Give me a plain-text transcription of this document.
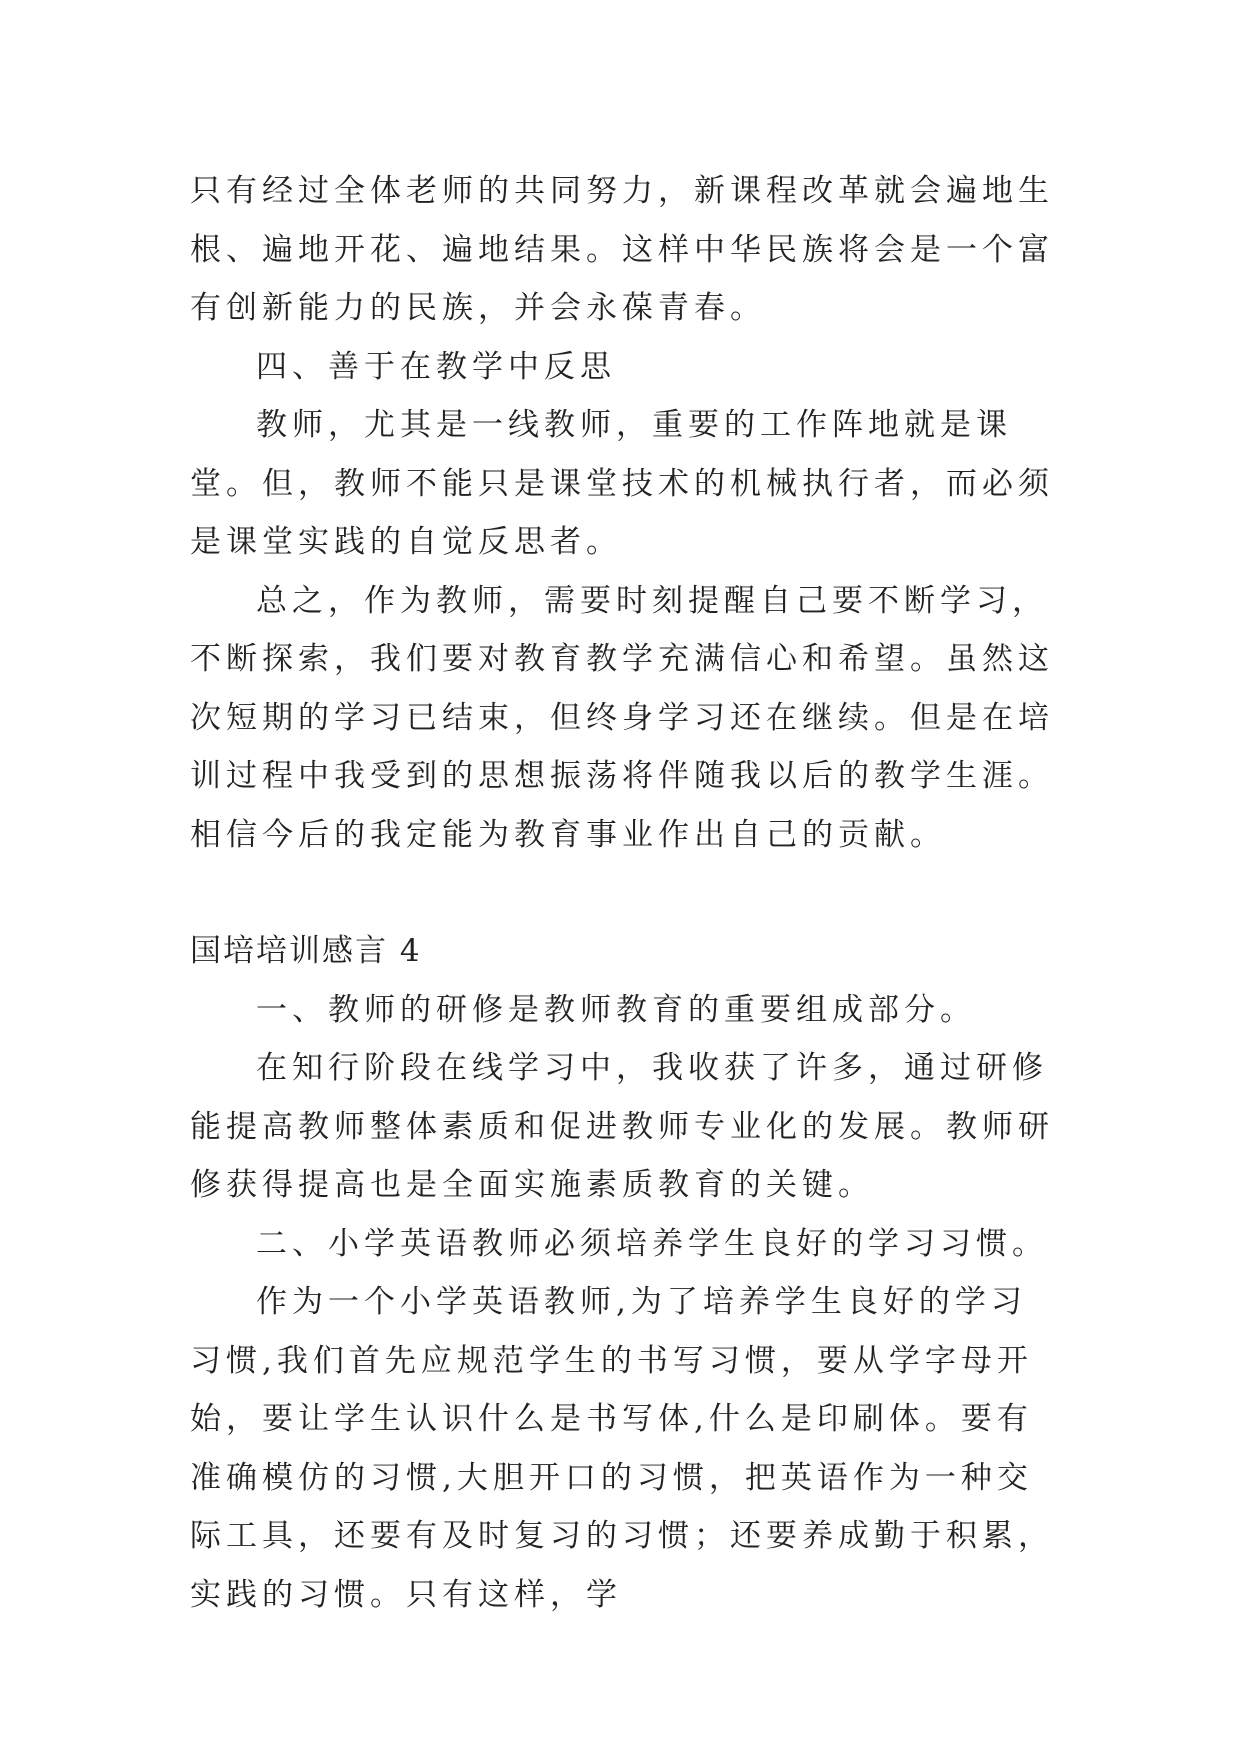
只有经过全体老师的共同努力，新课程改革就会遍地生根、遍地开花、遍地结果。这样中华民族将会是一个富有创新能力的民族，并会永葆青春。

四、善于在教学中反思

教师，尤其是一线教师，重要的工作阵地就是课堂。但，教师不能只是课堂技术的机械执行者，而必须是课堂实践的自觉反思者。

总之，作为教师，需要时刻提醒自己要不断学习，不断探索，我们要对教育教学充满信心和希望。虽然这次短期的学习已结束，但终身学习还在继续。但是在培训过程中我受到的思想振荡将伴随我以后的教学生涯。相信今后的我定能为教育事业作出自己的贡献。

国培培训感言 4

一、教师的研修是教师教育的重要组成部分。

在知行阶段在线学习中，我收获了许多，通过研修能提高教师整体素质和促进教师专业化的发展。教师研修获得提高也是全面实施素质教育的关键。

二、小学英语教师必须培养学生良好的学习习惯。

作为一个小学英语教师,为了培养学生良好的学习习惯,我们首先应规范学生的书写习惯，要从学字母开始，要让学生认识什么是书写体,什么是印刷体。要有准确模仿的习惯,大胆开口的习惯，把英语作为一种交际工具，还要有及时复习的习惯；还要养成勤于积累，实践的习惯。只有这样，学
